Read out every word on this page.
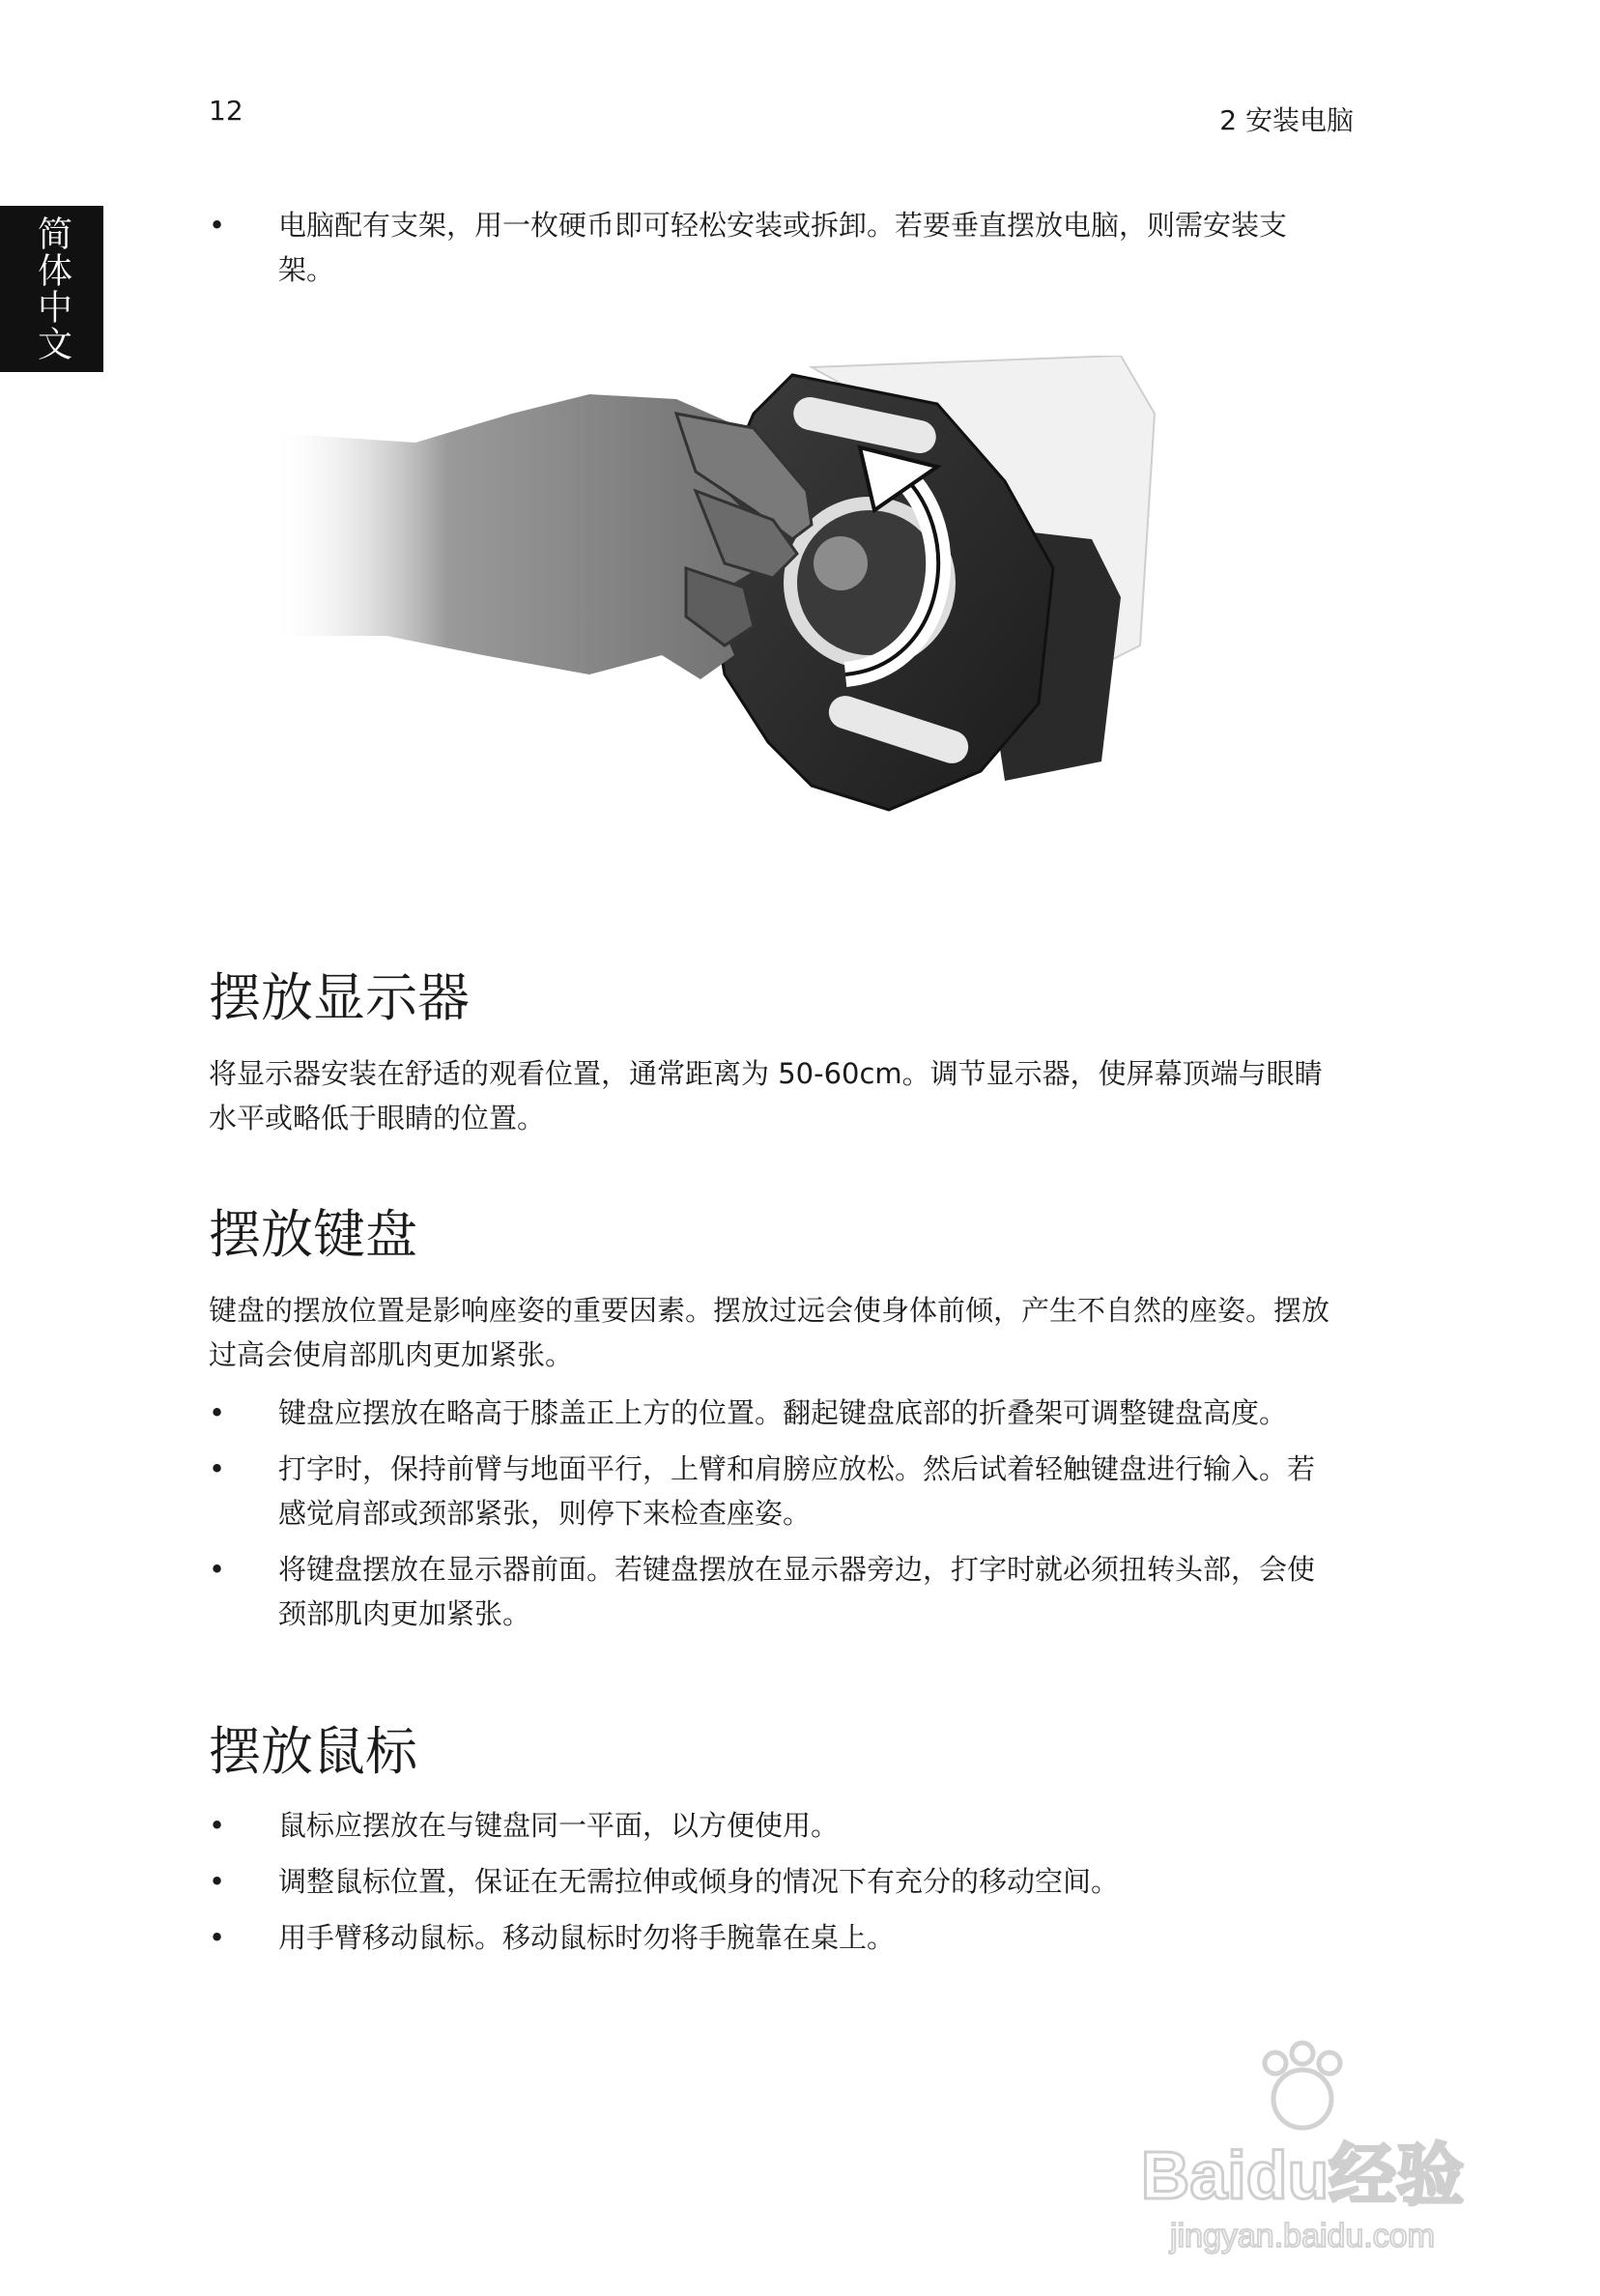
12	2 安装电脑
简体中文	•	电脑配有支架，用一枚硬币即可轻松安装或拆卸。若要垂直摆放电脑，则需安装支架。
摆放显示器

将显示器安装在舒适的观看位置，通常距离为 50-60cm。调节显示器，使屏幕顶端与眼睛水平或略低于眼睛的位置。

摆放键盘

键盘的摆放位置是影响座姿的重要因素。摆放过远会使身体前倾，产生不自然的座姿。摆放过高会使肩部肌肉更加紧张。

•	键盘应摆放在略高于膝盖正上方的位置。翻起键盘底部的折叠架可调整键盘高度。
•	打字时，保持前臂与地面平行，上臂和肩膀应放松。然后试着轻触键盘进行输入。若感觉肩部或颈部紧张，则停下来检查座姿。
•	将键盘摆放在显示器前面。若键盘摆放在显示器旁边，打字时就必须扭转头部，会使颈部肌肉更加紧张。
摆放鼠标
•	鼠标应摆放在与键盘同一平面，以方便使用。
•	调整鼠标位置，保证在无需拉伸或倾身的情况下有充分的移动空间。
•	用手臂移动鼠标。移动鼠标时勿将手腕靠在桌上。
Baidu经验
jingyan.baidu.com
